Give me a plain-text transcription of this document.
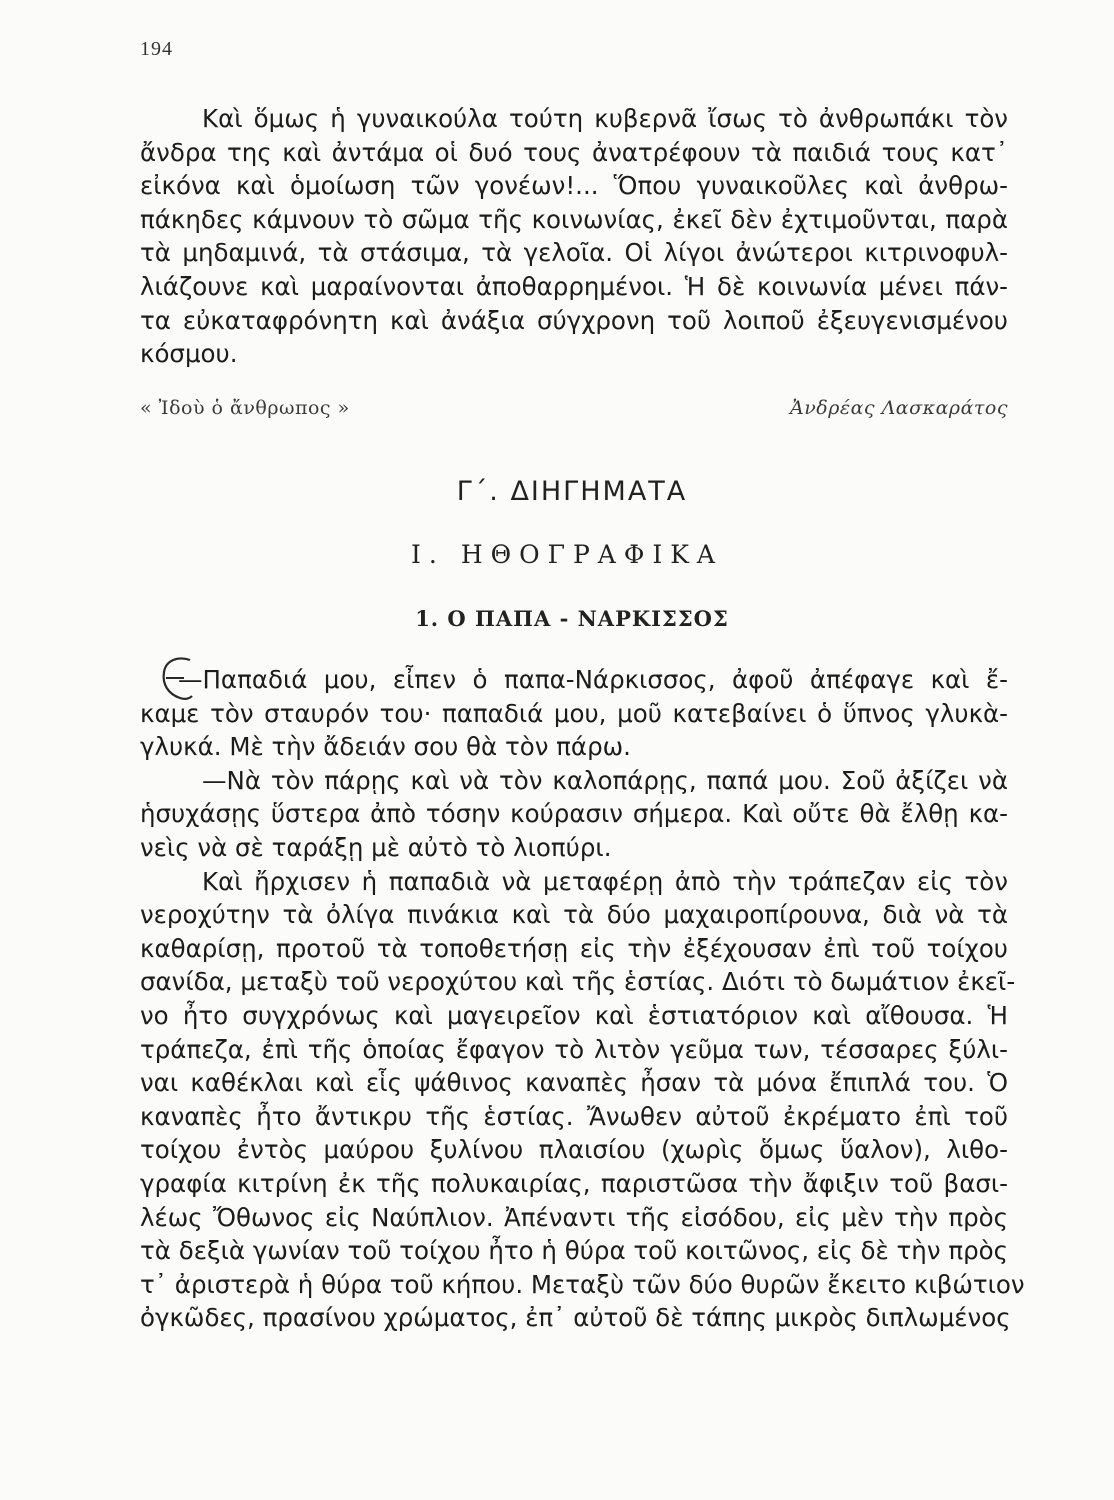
194

Καὶ ὅμως ἡ γυναικούλα τούτη κυβερνᾶ ἴσως τὸ ἀνθρωπάκι τὸν

ἄνδρα της καὶ ἀντάμα οἱ δυό τους ἀνατρέφουν τὰ παιδιά τους κατ᾽

εἰκόνα καὶ ὁμοίωση τῶν γονέων!... Ὅπου γυναικοῦλες καὶ ἀνθρω-

πάκηδες κάμνουν τὸ σῶμα τῆς κοινωνίας, ἐκεῖ δὲν ἐχτιμοῦνται, παρὰ

τὰ μηδαμινά, τὰ στάσιμα, τὰ γελοῖα. Οἱ λίγοι ἀνώτεροι κιτρινοφυλ-

λιάζουνε καὶ μαραίνονται ἀποθαρρημένοι. Ἡ δὲ κοινωνία μένει πάν-

τα εὐκαταφρόνητη καὶ ἀνάξια σύγχρονη τοῦ λοιποῦ ἐξευγενισμένου

κόσμου.

« Ἰδοὺ ὁ ἄνθρωπος »	Ἀνδρέας Λασκαράτος
Γ΄. ΔΙΗΓΗΜΑΤΑ
Ι. ΗΘΟΓΡΑΦΙΚΑ
1. Ο ΠΑΠΑ - ΝΑΡΚΙΣΣΟΣ

—Παπαδιά μου, εἶπεν ὁ παπα-Νάρκισσος, ἀφοῦ ἀπέφαγε καὶ ἔ-

καμε τὸν σταυρόν του· παπαδιά μου, μοῦ κατεβαίνει ὁ ὕπνος γλυκὰ-

γλυκά. Μὲ τὴν ἄδειάν σου θὰ τὸν πάρω.

—Νὰ τὸν πάρῃς καὶ νὰ τὸν καλοπάρῃς, παπά μου. Σοῦ ἀξίζει νὰ

ἡσυχάσῃς ὕστερα ἀπὸ τόσην κούρασιν σήμερα. Καὶ οὔτε θὰ ἔλθῃ κα-

νεὶς νὰ σὲ ταράξῃ μὲ αὐτὸ τὸ λιοπύρι.

Καὶ ἤρχισεν ἡ παπαδιὰ νὰ μεταφέρῃ ἀπὸ τὴν τράπεζαν εἰς τὸν

νεροχύτην τὰ ὀλίγα πινάκια καὶ τὰ δύο μαχαιροπίρουνα, διὰ νὰ τὰ

καθαρίσῃ, προτοῦ τὰ τοποθετήσῃ εἰς τὴν ἐξέχουσαν ἐπὶ τοῦ τοίχου

σανίδα, μεταξὺ τοῦ νεροχύτου καὶ τῆς ἑστίας. Διότι τὸ δωμάτιον ἐκεῖ-

νο ἦτο συγχρόνως καὶ μαγειρεῖον καὶ ἑστιατόριον καὶ αἴθουσα. Ἡ

τράπεζα, ἐπὶ τῆς ὁποίας ἔφαγον τὸ λιτὸν γεῦμα των, τέσσαρες ξύλι-

ναι καθέκλαι καὶ εἷς ψάθινος καναπὲς ἦσαν τὰ μόνα ἔπιπλά του. Ὁ

καναπὲς ἦτο ἄντικρυ τῆς ἑστίας. Ἄνωθεν αὐτοῦ ἐκρέματο ἐπὶ τοῦ

τοίχου ἐντὸς μαύρου ξυλίνου πλαισίου (χωρὶς ὅμως ὕαλον), λιθο-

γραφία κιτρίνη ἐκ τῆς πολυκαιρίας, παριστῶσα τὴν ἄφιξιν τοῦ βασι-

λέως Ὄθωνος εἰς Ναύπλιον. Ἀπέναντι τῆς εἰσόδου, εἰς μὲν τὴν πρὸς

τὰ δεξιὰ γωνίαν τοῦ τοίχου ἦτο ἡ θύρα τοῦ κοιτῶνος, εἰς δὲ τὴν πρὸς

τ᾽ ἀριστερὰ ἡ θύρα τοῦ κήπου. Μεταξὺ τῶν δύο θυρῶν ἔκειτο κιβώτιον

ὀγκῶδες, πρασίνου χρώματος, ἐπ᾽ αὐτοῦ δὲ τάπης μικρὸς διπλωμένος
